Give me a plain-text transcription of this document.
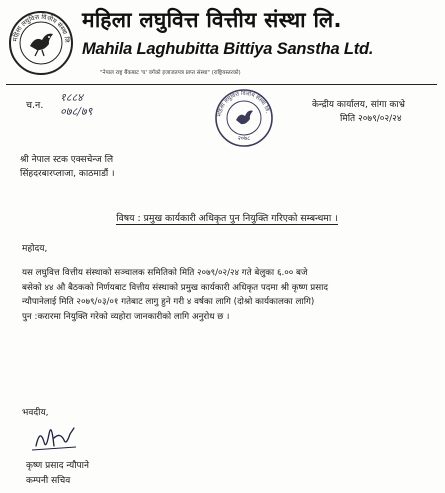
महिला लघुवित्त वित्तीय संस्था लि
महिला लघुवित्त वित्तीय संस्था लि.
Mahila Laghubitta Bittiya Sanstha Ltd.
"नेपाल राष्ट्र बैंकबाट 'घ' वर्गको इजाजतपत्र प्राप्त संस्था" (राष्ट्रियस्तरको)
च.न.
१८८४
०७८/७९	महिला लघुवित्त वित्तीय संस्था लि.
२०७८
केन्द्रीय कार्यालय, सांगा काभ्रे
मिति २०७९/०२/२४
श्री नेपाल स्टक एक्सचेन्ज लि
सिंहदरबारप्लाजा, काठमाडौं ।
विषय : प्रमुख कार्यकारी अधिकृत पुन नियुक्ति गरिएको सम्बन्धमा ।
महोदय,
यस लघुवित्त वित्तीय संस्थाको सञ्चालक समितिको मिति २०७९/०२/२४ गते बेलुका ६.०० बजे
बसेको ४४ औ बैठकको निर्णयबाट वित्तीय संस्थाको प्रमुख कार्यकारी अधिकृत पदमा श्री कृष्ण प्रसाद
न्यौपानेलाई मिति २०७९/०३/०१ गतेबाट लागु हुने गरी ४ वर्षका लागि (दोश्रो कार्यकालका लागि)
पुन :करारमा नियुक्ति गरेको व्यहोरा जानकारीको लागि अनुरोध छ ।
भवदीय,
कृष्ण प्रसाद न्यौपाने
कम्पनी सचिव
